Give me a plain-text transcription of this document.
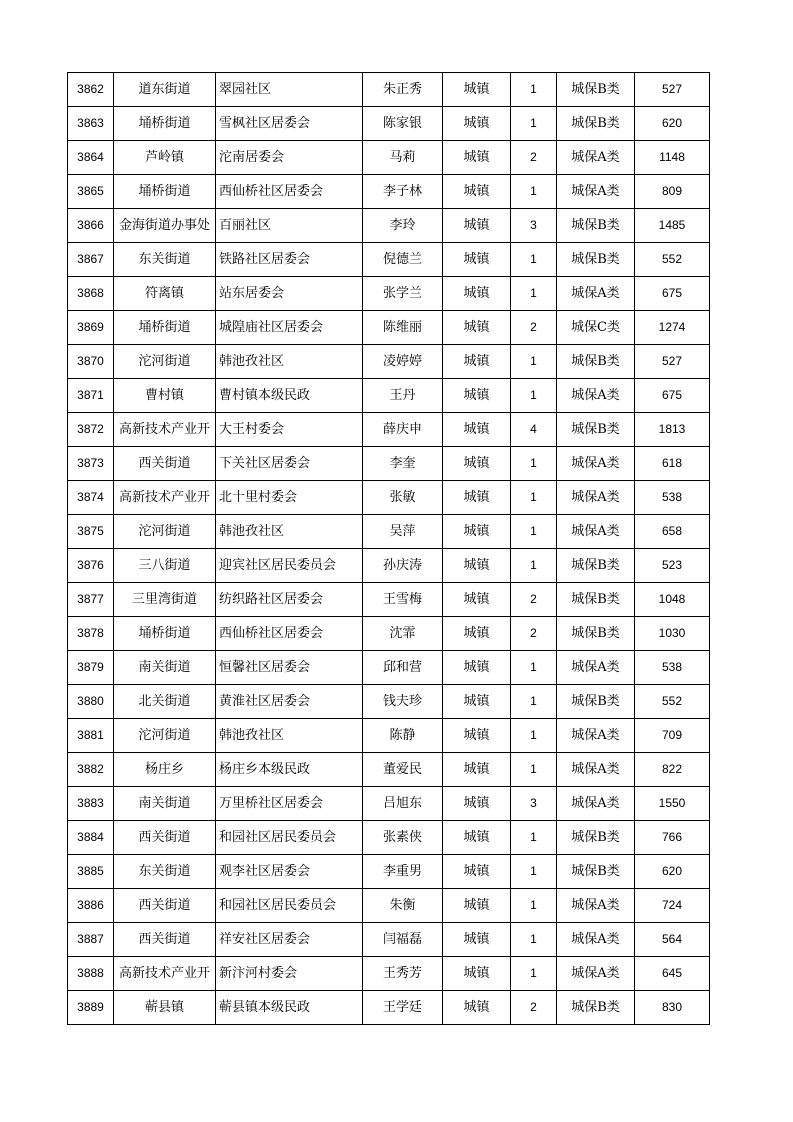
3862	道东街道	翠园社区	朱正秀	城镇	1	城保B类	527
3863	埇桥街道	雪枫社区居委会	陈家银	城镇	1	城保B类	620
3864	芦岭镇	沱南居委会	马莉	城镇	2	城保A类	1148
3865	埇桥街道	西仙桥社区居委会	李子林	城镇	1	城保A类	809
3866	金海街道办事处	百丽社区	李玲	城镇	3	城保B类	1485
3867	东关街道	铁路社区居委会	倪德兰	城镇	1	城保B类	552
3868	符离镇	站东居委会	张学兰	城镇	1	城保A类	675
3869	埇桥街道	城隍庙社区居委会	陈维丽	城镇	2	城保C类	1274
3870	沱河街道	韩池孜社区	凌婷婷	城镇	1	城保B类	527
3871	曹村镇	曹村镇本级民政	王丹	城镇	1	城保A类	675
3872	高新技术产业开	大王村委会	薛庆申	城镇	4	城保B类	1813
3873	西关街道	下关社区居委会	李奎	城镇	1	城保A类	618
3874	高新技术产业开	北十里村委会	张敏	城镇	1	城保A类	538
3875	沱河街道	韩池孜社区	吴萍	城镇	1	城保A类	658
3876	三八街道	迎宾社区居民委员会	孙庆涛	城镇	1	城保B类	523
3877	三里湾街道	纺织路社区居委会	王雪梅	城镇	2	城保B类	1048
3878	埇桥街道	西仙桥社区居委会	沈霏	城镇	2	城保B类	1030
3879	南关街道	恒馨社区居委会	邱和营	城镇	1	城保A类	538
3880	北关街道	黄淮社区居委会	钱夫珍	城镇	1	城保B类	552
3881	沱河街道	韩池孜社区	陈静	城镇	1	城保A类	709
3882	杨庄乡	杨庄乡本级民政	董爱民	城镇	1	城保A类	822
3883	南关街道	万里桥社区居委会	吕旭东	城镇	3	城保A类	1550
3884	西关街道	和园社区居民委员会	张素侠	城镇	1	城保B类	766
3885	东关街道	观李社区居委会	李重男	城镇	1	城保B类	620
3886	西关街道	和园社区居民委员会	朱衡	城镇	1	城保A类	724
3887	西关街道	祥安社区居委会	闫福磊	城镇	1	城保A类	564
3888	高新技术产业开	新汴河村委会	王秀芳	城镇	1	城保A类	645
3889	蕲县镇	蕲县镇本级民政	王学廷	城镇	2	城保B类	830
